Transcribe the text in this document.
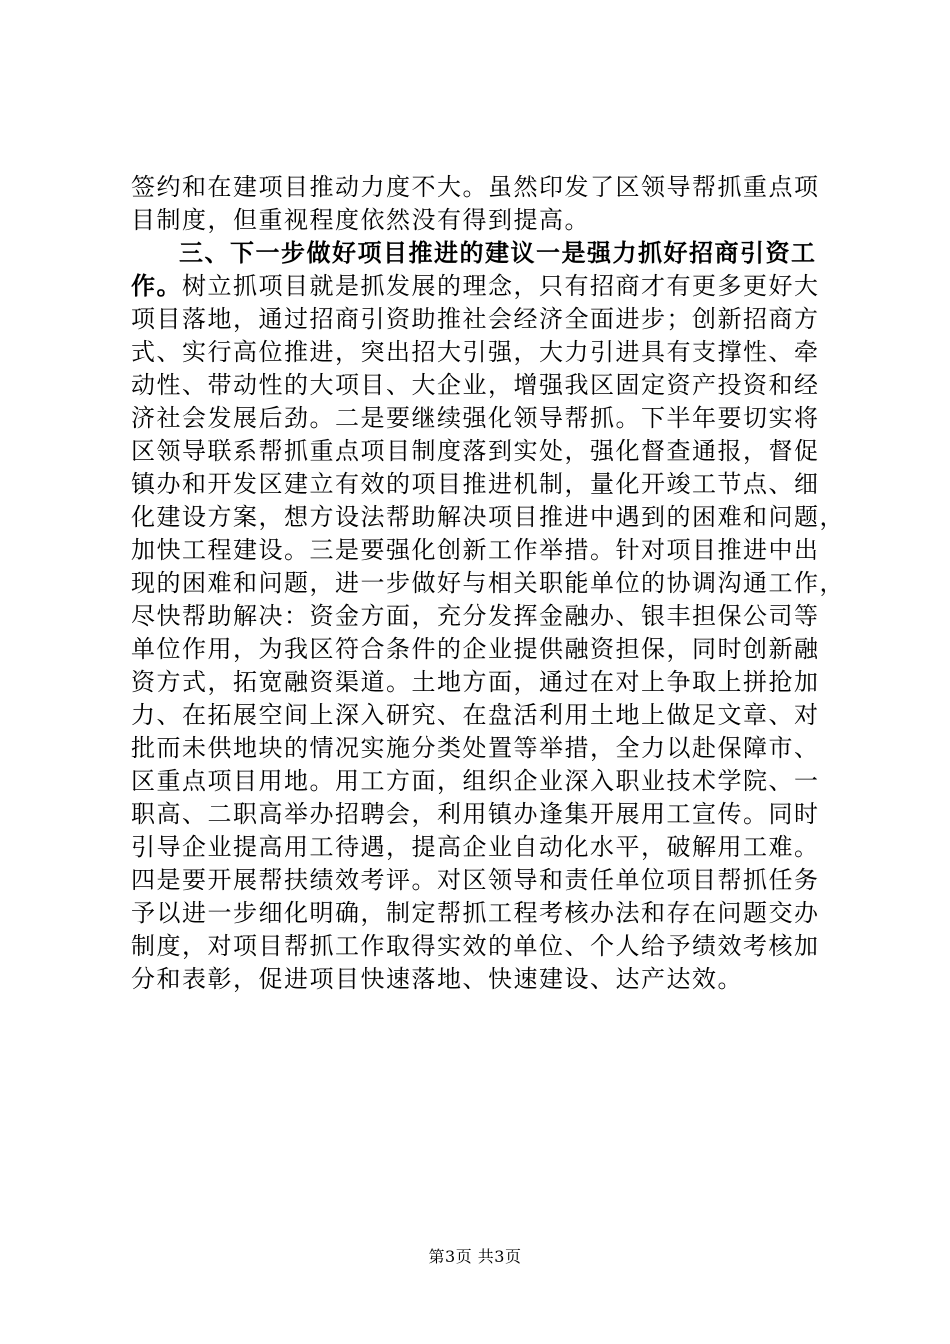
签约和在建项目推动力度不大。虽然印发了区领导帮抓重点项
目制度，但重视程度依然没有得到提高。
三、下一步做好项目推进的建议一是强力抓好招商引资工
作。树立抓项目就是抓发展的理念，只有招商才有更多更好大
项目落地，通过招商引资助推社会经济全面进步；创新招商方
式、实行高位推进，突出招大引强，大力引进具有支撑性、牵
动性、带动性的大项目、大企业，增强我区固定资产投资和经
济社会发展后劲。二是要继续强化领导帮抓。下半年要切实将
区领导联系帮抓重点项目制度落到实处，强化督查通报，督促
镇办和开发区建立有效的项目推进机制，量化开竣工节点、细
化建设方案，想方设法帮助解决项目推进中遇到的困难和问题，
加快工程建设。三是要强化创新工作举措。针对项目推进中出
现的困难和问题，进一步做好与相关职能单位的协调沟通工作，
尽快帮助解决：资金方面，充分发挥金融办、银丰担保公司等
单位作用，为我区符合条件的企业提供融资担保，同时创新融
资方式，拓宽融资渠道。土地方面，通过在对上争取上拼抢加
力、在拓展空间上深入研究、在盘活利用土地上做足文章、对
批而未供地块的情况实施分类处置等举措，全力以赴保障市、
区重点项目用地。用工方面，组织企业深入职业技术学院、一
职高、二职高举办招聘会，利用镇办逢集开展用工宣传。同时
引导企业提高用工待遇，提高企业自动化水平，破解用工难。
四是要开展帮扶绩效考评。对区领导和责任单位项目帮抓任务
予以进一步细化明确，制定帮抓工程考核办法和存在问题交办
制度，对项目帮抓工作取得实效的单位、个人给予绩效考核加
分和表彰，促进项目快速落地、快速建设、达产达效。
第3页 共3页
